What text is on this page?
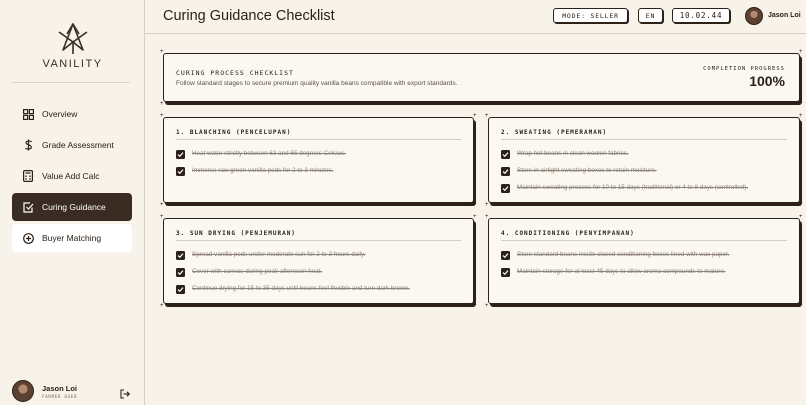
VANILITY
Overview
Grade Assessment
Value Add Calc
Curing Guidance
Buyer Matching
Jason Loi
FARMER USER
Curing Guidance Checklist	MODE: SELLER	EN	10.02.44	Jason Loi
+	+
+	+
CURING PROCESS CHECKLIST
Follow standard stages to secure premium quality vanilla beans compatible with export standards.
COMPLETION PROGRESS
100%
+	+
+	+
1. BLANCHING (PENCELUPAN)
Heat water strictly between 63 and 65 degrees Celsius.
Immerse raw green vanilla pods for 2 to 3 minutes.
+	+
+	+
2. SWEATING (PEMERAMAN)
Wrap hot beans in clean woolen fabrics.
Store in airtight sweating boxes to retain moisture.
Maintain sweating process for 10 to 15 days (traditional) or 4 to 8 days (controlled).
+	+
+	+
3. SUN DRYING (PENJEMURAN)
Spread vanilla pods under moderate sun for 2 to 3 hours daily.
Cover with canvas during peak afternoon heat.
Continue drying for 15 to 35 days until beans feel flexible and turn dark brown.
+	+
+	+
4. CONDITIONING (PENYIMPANAN)
Store standard beans inside closed conditioning boxes lined with wax paper.
Maintain storage for at least 45 days to allow aroma compounds to mature.
